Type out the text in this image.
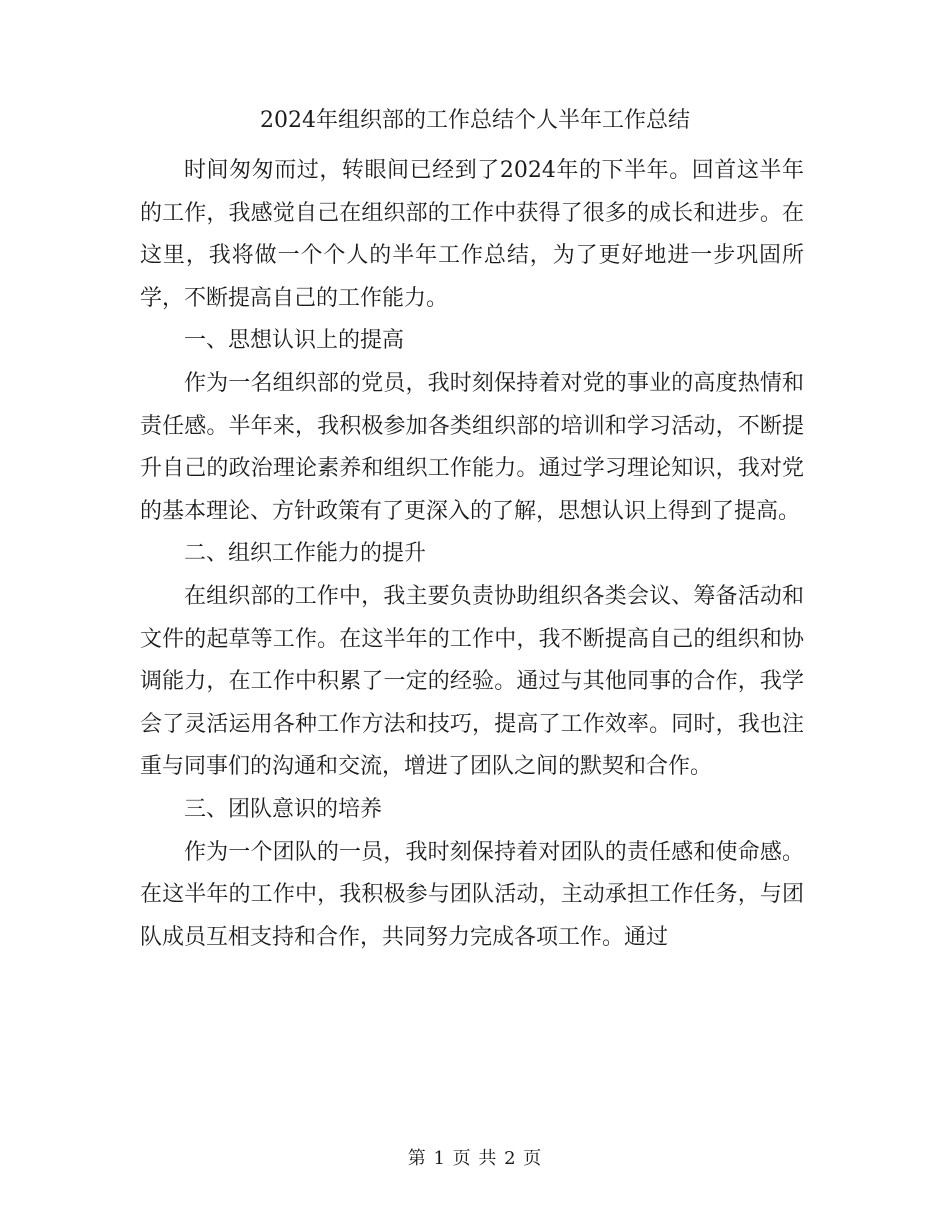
2024年组织部的工作总结个人半年工作总结

时间匆匆而过，转眼间已经到了2024年的下半年。回首这半年的工作，我感觉自己在组织部的工作中获得了很多的成长和进步。在这里，我将做一个个人的半年工作总结，为了更好地进一步巩固所学，不断提高自己的工作能力。

一、思想认识上的提高

作为一名组织部的党员，我时刻保持着对党的事业的高度热情和责任感。半年来，我积极参加各类组织部的培训和学习活动，不断提升自己的政治理论素养和组织工作能力。通过学习理论知识，我对党的基本理论、方针政策有了更深入的了解，思想认识上得到了提高。

二、组织工作能力的提升

在组织部的工作中，我主要负责协助组织各类会议、筹备活动和文件的起草等工作。在这半年的工作中，我不断提高自己的组织和协调能力，在工作中积累了一定的经验。通过与其他同事的合作，我学会了灵活运用各种工作方法和技巧，提高了工作效率。同时，我也注重与同事们的沟通和交流，增进了团队之间的默契和合作。

三、团队意识的培养

作为一个团队的一员，我时刻保持着对团队的责任感和使命感。在这半年的工作中，我积极参与团队活动，主动承担工作任务，与团队成员互相支持和合作，共同努力完成各项工作。通过

第 1 页 共 2 页
